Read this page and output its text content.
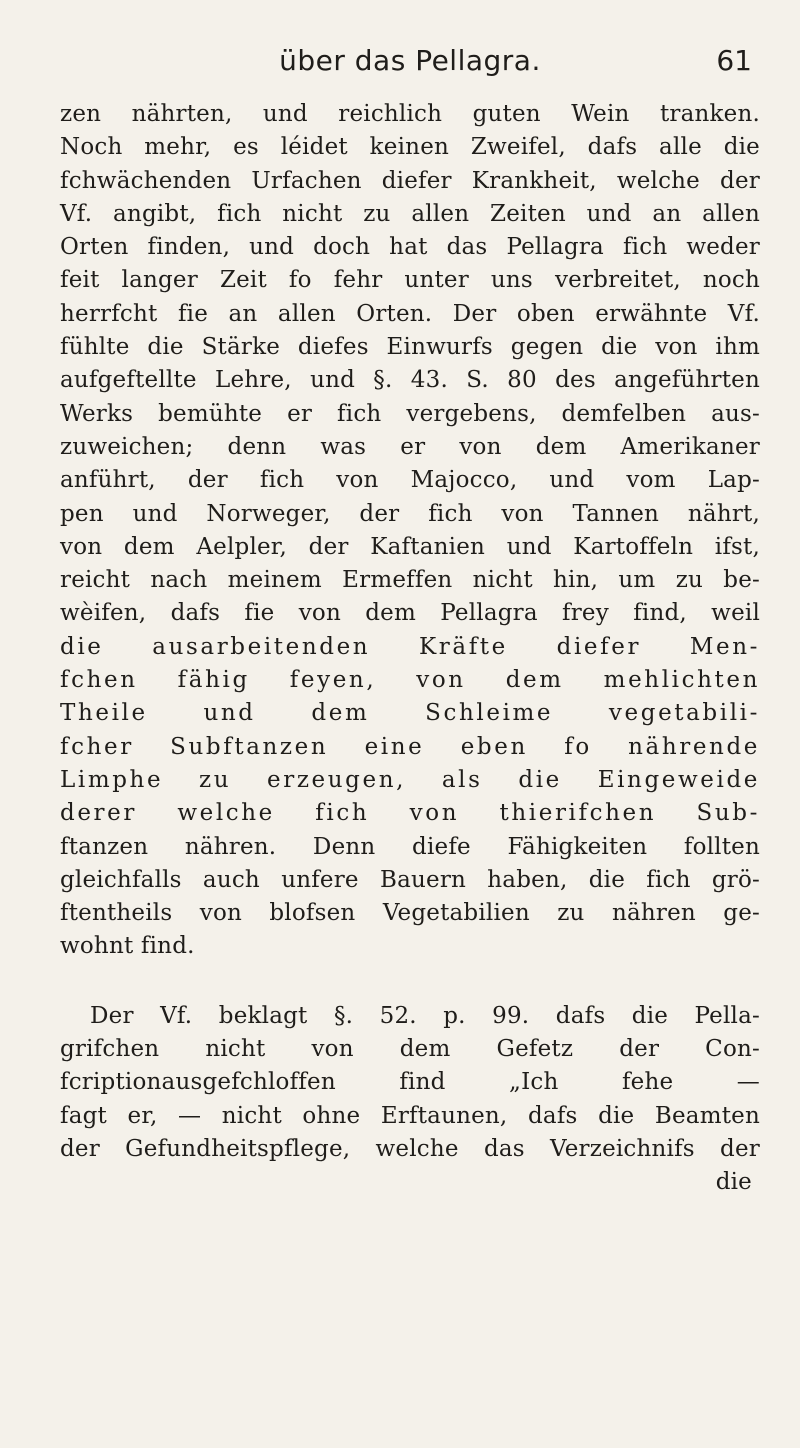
über das Pellagra.	61
zen nährten, und reichlich guten Wein tranken.
Noch mehr, es léidet keinen Zweifel, dafs alle die
fchwächenden Urfachen diefer Krankheit, welche der
Vf. angibt, fich nicht zu allen Zeiten und an allen
Orten finden, und doch hat das Pellagra fich weder
feit langer Zeit fo fehr unter uns verbreitet, noch
herrfcht fie an allen Orten. Der oben erwähnte Vf.
fühlte die Stärke diefes Einwurfs gegen die von ihm
aufgeftellte Lehre, und §. 43. S. 80 des angeführten
Werks bemühte er fich vergebens, demfelben aus-
zuweichen; denn was er von dem Amerikaner
anführt, der fich von Majocco, und vom Lap-
pen und Norweger, der fich von Tannen nährt,
von dem Aelpler, der Kaftanien und Kartoffeln ifst,
reicht nach meinem Ermeffen nicht hin, um zu be-
wèifen, dafs fie von dem Pellagra frey find, weil
die ausarbeitenden Kräfte diefer Men-
fchen fähig feyen, von dem mehlichten
Theile und dem Schleime vegetabili-
fcher Subftanzen eine eben fo nährende
Limphe zu erzeugen, als die Eingeweide
derer welche fich von thierifchen Sub-
ftanzen nähren. Denn diefe Fähigkeiten follten
gleichfalls auch unfere Bauern haben, die fich grö-
ftentheils von blofsen Vegetabilien zu nähren ge-
wohnt find.
Der Vf. beklagt §. 52. p. 99. dafs die Pella-
grifchen nicht von dem Gefetz der Con-
fcriptionausgefchloffen find „Ich fehe —
fagt er, — nicht ohne Erftaunen, dafs die Beamten
der Gefundheitspflege, welche das Verzeichnifs der
die
